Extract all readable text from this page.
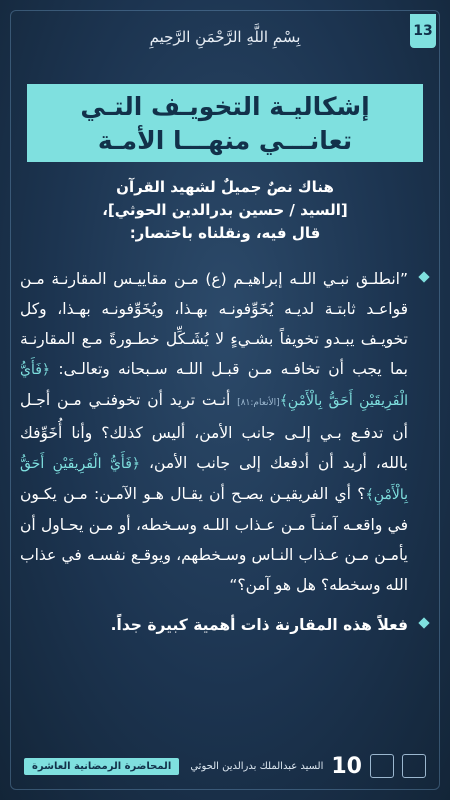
13
بِسْمِ اللَّهِ الرَّحْمَنِ الرَّحِيمِ
إشكاليـة التخويـف التـي
تعانـــي منهـــا الأمـة
هناك نصٌ جميلٌ لشهيد القرآن
[السيد / حسين بدرالدين الحوثي]،
قال فيه، ونقلناه باختصار:
”انطلـق نبـي اللـه إبراهيـم (ع) مـن مقاييـس المقارنـة مـن قواعـد ثابتـة لديـه يُخَوِّفونـه بهـذا، ويُخَوِّفونـه بهـذا، وكل تخويـف يبـدو تخويفاً بشـيءٍ لا يُشَـكِّل خطـورةً مـع المقارنـة بما يجب أن تخافـه مـن قبـل اللـه سـبحانه وتعالـى: ﴿فَأَيُّ الْفَرِيقَيْنِ أَحَقُّ بِالْأَمْنِ﴾[الأنعام:٨١] أنـت تريد أن تخوفنـي مـن أجـل أن تدفـع بـي إلـى جانب الأمن، أليس كذلك؟ وأنا أُخَوِّفك بالله، أريد أن أدفعك إلى جانب الأمن، ﴿فَأَيُّ الْفَرِيقَيْنِ أَحَقُّ بِالْأَمْنِ﴾؟ أي الفريقيـن يصـح أن يقـال هـو الآمـن: مـن يكـون في واقعـه آمنـاً مـن عـذاب اللـه وسـخطه، أو مـن يحـاول أن يأمـن مـن عـذاب النـاس وسـخطهم، ويوقـع نفسـه في عذاب الله وسخطه؟ هل هو آمن؟“
فعلاً هذه المقارنة ذات أهمية كبيرة جداً.
المحاضرة الرمضانية العاشرة	السيد عبدالملك بدرالدين الحوثي 10
